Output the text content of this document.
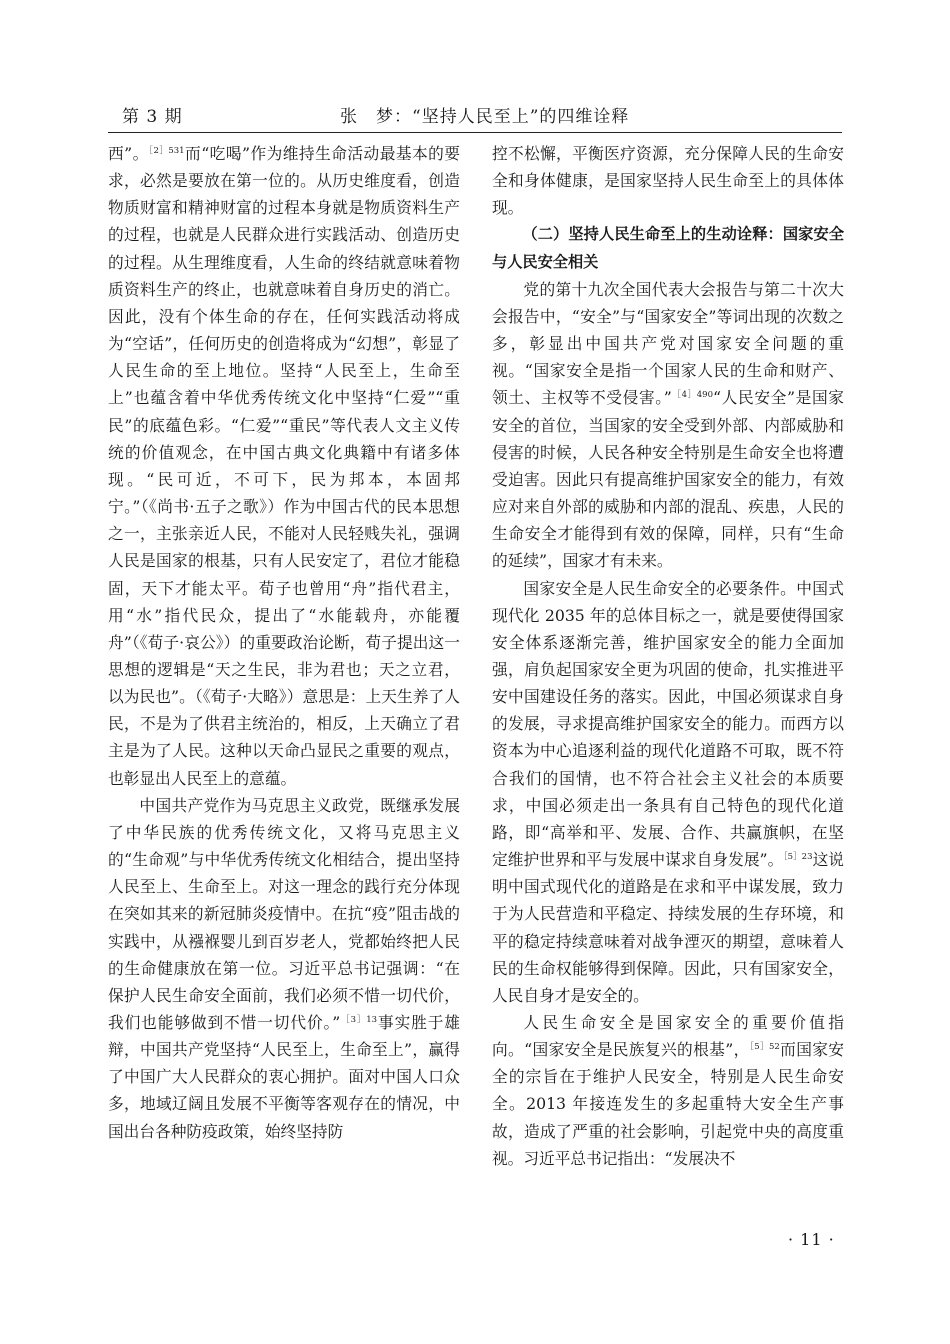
第 3 期	张　梦：“坚持人民至上”的四维诠释

西”。$^{[2]531}$而“吃喝”作为维持生命活动最基本的要求，必然是要放在第一位的。从历史维度看，创造物质财富和精神财富的过程本身就是物质资料生产的过程，也就是人民群众进行实践活动、创造历史的过程。从生理维度看，人生命的终结就意味着物质资料生产的终止，也就意味着自身历史的消亡。因此，没有个体生命的存在，任何实践活动将成为“空话”，任何历史的创造将成为“幻想”，彰显了人民生命的至上地位。坚持“人民至上，生命至上”也蕴含着中华优秀传统文化中坚持“仁爱”“重民”的底蕴色彩。“仁爱”“重民”等代表人文主义传统的价值观念，在中国古典文化典籍中有诸多体现。“民可近，不可下，民为邦本，本固邦宁。”（《尚书·五子之歌》）作为中国古代的民本思想之一，主张亲近人民，不能对人民轻贱失礼，强调人民是国家的根基，只有人民安定了，君位才能稳固，天下才能太平。荀子也曾用“舟”指代君主，用“水”指代民众，提出了“水能载舟，亦能覆舟”（《荀子·哀公》）的重要政治论断，荀子提出这一思想的逻辑是“天之生民，非为君也；天之立君，以为民也”。（《荀子·大略》）意思是：上天生养了人民，不是为了供君主统治的，相反，上天确立了君主是为了人民。这种以天命凸显民之重要的观点，也彰显出人民至上的意蕴。

中国共产党作为马克思主义政党，既继承发展了中华民族的优秀传统文化，又将马克思主义的“生命观”与中华优秀传统文化相结合，提出坚持人民至上、生命至上。对这一理念的践行充分体现在突如其来的新冠肺炎疫情中。在抗“疫”阻击战的实践中，从襁褓婴儿到百岁老人，党都始终把人民的生命健康放在第一位。习近平总书记强调：“在保护人民生命安全面前，我们必须不惜一切代价，我们也能够做到不惜一切代价。”$^{[3]13}$事实胜于雄辩，中国共产党坚持“人民至上，生命至上”，赢得了中国广大人民群众的衷心拥护。面对中国人口众多，地域辽阔且发展不平衡等客观存在的情况，中国出台各种防疫政策，始终坚持防

控不松懈，平衡医疗资源，充分保障人民的生命安全和身体健康，是国家坚持人民生命至上的具体体现。

（二）坚持人民生命至上的生动诠释：国家安全与人民安全相关

党的第十九次全国代表大会报告与第二十次大会报告中，“安全”与“国家安全”等词出现的次数之多，彰显出中国共产党对国家安全问题的重视。“国家安全是指一个国家人民的生命和财产、领土、主权等不受侵害。”$^{[4]490}$“人民安全”是国家安全的首位，当国家的安全受到外部、内部威胁和侵害的时候，人民各种安全特别是生命安全也将遭受迫害。因此只有提高维护国家安全的能力，有效应对来自外部的威胁和内部的混乱、疾患，人民的生命安全才能得到有效的保障，同样，只有“生命的延续”，国家才有未来。

国家安全是人民生命安全的必要条件。中国式现代化 2035 年的总体目标之一，就是要使得国家安全体系逐渐完善，维护国家安全的能力全面加强，肩负起国家安全更为巩固的使命，扎实推进平安中国建设任务的落实。因此，中国必须谋求自身的发展，寻求提高维护国家安全的能力。而西方以资本为中心追逐利益的现代化道路不可取，既不符合我们的国情，也不符合社会主义社会的本质要求，中国必须走出一条具有自己特色的现代化道路，即“高举和平、发展、合作、共赢旗帜，在坚定维护世界和平与发展中谋求自身发展”。$^{[5]23}$这说明中国式现代化的道路是在求和平中谋发展，致力于为人民营造和平稳定、持续发展的生存环境，和平的稳定持续意味着对战争湮灭的期望，意味着人民的生命权能够得到保障。因此，只有国家安全，人民自身才是安全的。

人民生命安全是国家安全的重要价值指向。“国家安全是民族复兴的根基”，$^{[5]52}$而国家安全的宗旨在于维护人民安全，特别是人民生命安全。2013 年接连发生的多起重特大安全生产事故，造成了严重的社会影响，引起党中央的高度重视。习近平总书记指出：“发展决不

· 11 ·
